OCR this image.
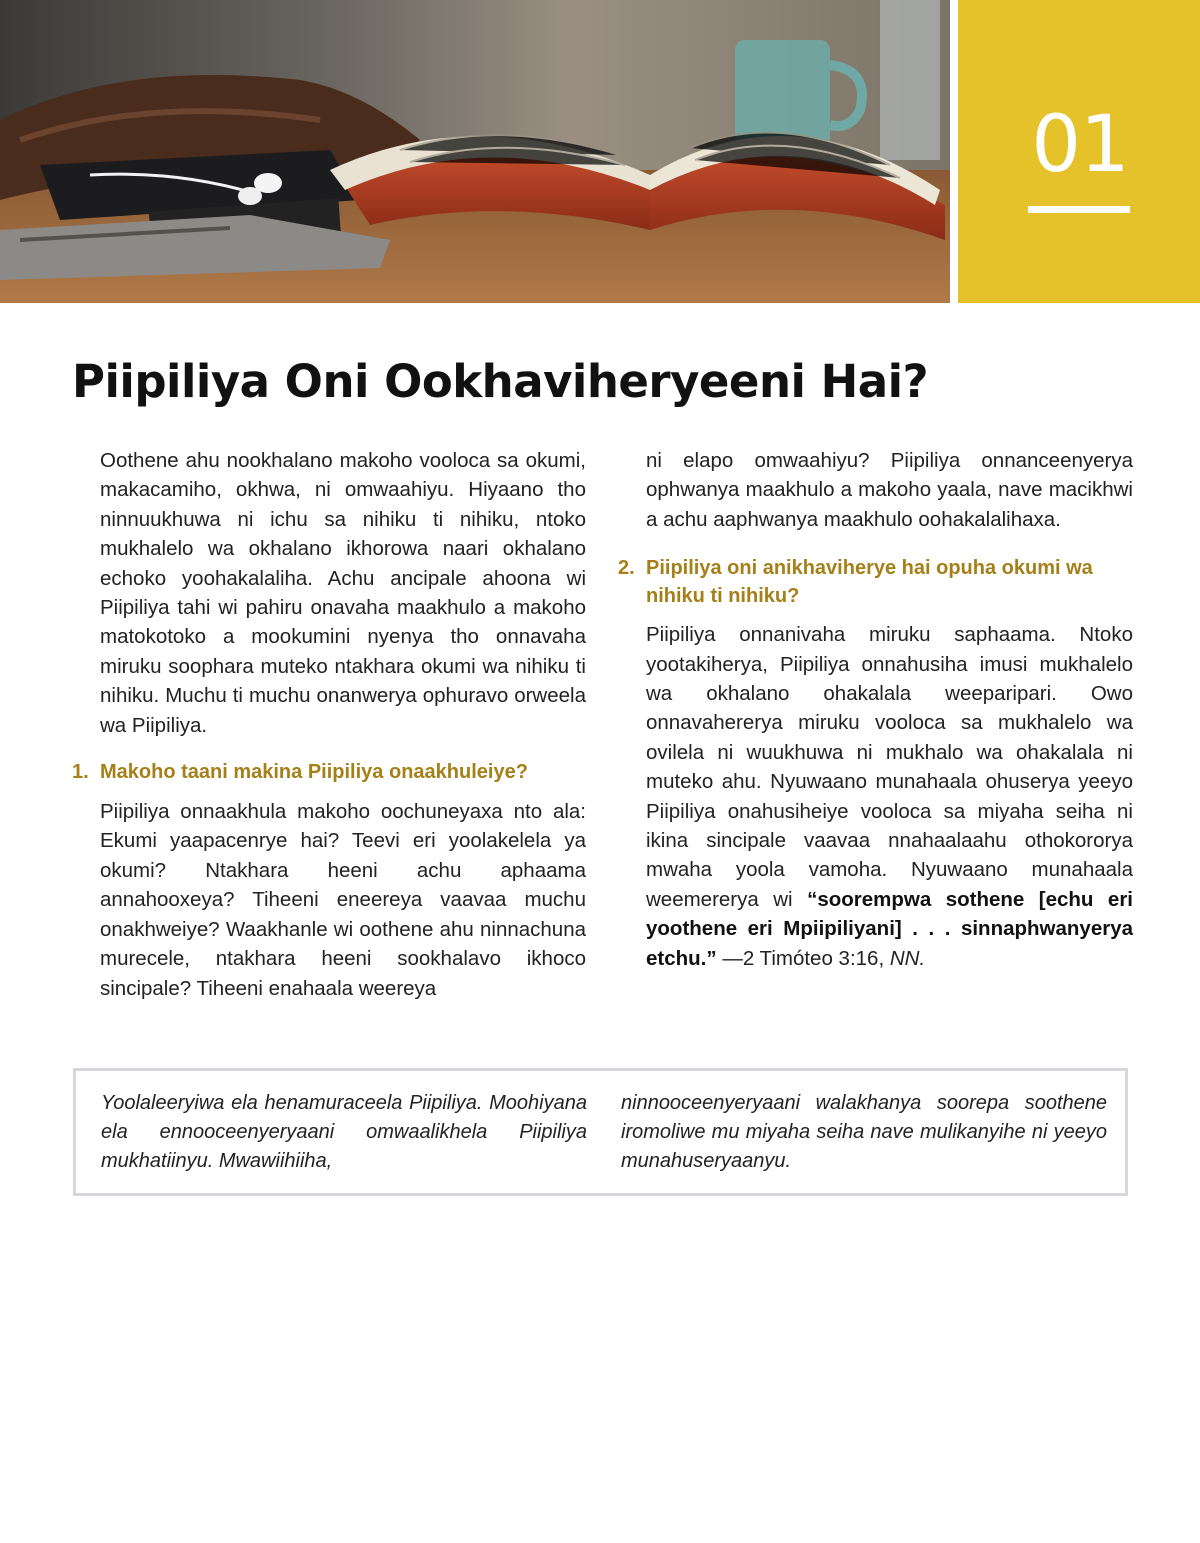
01
Piipiliya Oni Ookhaviheryeeni Hai?

Oothene ahu nookhalano makoho vooloca sa okumi, makacamiho, okhwa, ni omwaahiyu. Hiyaano tho ninnuukhuwa ni ichu sa nihiku ti nihiku, ntoko mukhalelo wa okhalano ikhorowa naari okhalano echoko yoohakalaliha. Achu ancipale ahoona wi Piipiliya tahi wi pahiru onavaha maakhulo a makoho matokotoko a mookumini nyenya tho onnavaha miruku soophara muteko ntakhara okumi wa nihiku ti nihiku. Muchu ti muchu onanwerya ophuravo orweela wa Piipiliya.

1. Makoho taani makina Piipiliya onaakhuleiye?

Piipiliya onnaakhula makoho oochuneyaxa nto ala: Ekumi yaapacenrye hai? Teevi eri yoolakelela ya okumi? Ntakhara heeni achu aphaama annahooxeya? Tiheeni eneereya vaavaa muchu onakhweiye? Waakhanle wi oothene ahu ninnachuna murecele, ntakhara heeni sookhalavo ikhoco sincipale? Tiheeni enahaala weereya

ni elapo omwaahiyu? Piipiliya onnanceenyerya ophwanya maakhulo a makoho yaala, nave macikhwi a achu aaphwanya maakhulo oohakalalihaxa.

2. Piipiliya oni anikhaviherye hai opuha okumi wa nihiku ti nihiku?

Piipiliya onnanivaha miruku saphaama. Ntoko yootakiherya, Piipiliya onnahusiha imusi mukhalelo wa okhalano ohakalala weeparipari. Owo onnavahererya miruku vooloca sa mukhalelo wa ovilela ni wuukhuwa ni mukhalo wa ohakalala ni muteko ahu. Nyuwaano munahaala ohuserya yeeyo Piipiliya onahusiheiye vooloca sa miyaha seiha ni ikina sincipale vaavaa nnahaalaahu othokororya mwaha yoola vamoha. Nyuwaano munahaala weemererya wi “soorempwa sothene [echu eri yoothene eri Mpiipiliyani] . . . sinnaphwanyerya etchu.” —2 Timóteo 3:16, NN.

Yoolaleeryiwa ela henamuraceela Piipiliya. Moohiyana ela ennooceenyeryaani omwaalikhela Piipiliya mukhatiinyu. Mwawiihiiha,

ninnooceenyeryaani walakhanya soorepa soothene iromoliwe mu miyaha seiha nave mulikanyihe ni yeeyo munahuseryaanyu.
